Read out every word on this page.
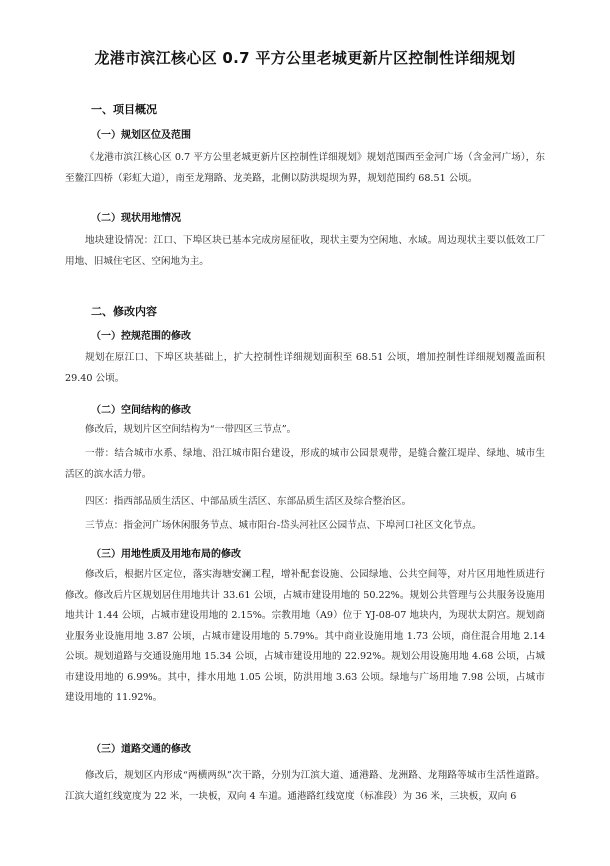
龙港市滨江核心区 0.7 平方公里老城更新片区控制性详细规划
一、项目概况
（一）规划区位及范围
《龙港市滨江核心区 0.7 平方公里老城更新片区控制性详细规划》规划范围西至金河广场（含金河广场），东至鳌江四桥（彩虹大道），南至龙翔路、龙美路，北侧以防洪堤坝为界，规划范围约 68.51 公顷。
（二）现状用地情况
地块建设情况：江口、下埠区块已基本完成房屋征收，现状主要为空闲地、水域。周边现状主要以低效工厂用地、旧城住宅区、空闲地为主。
二、修改内容
（一）控规范围的修改
规划在原江口、下埠区块基础上，扩大控制性详细规划面积至 68.51 公顷，增加控制性详细规划覆盖面积 29.40 公顷。
（二）空间结构的修改
修改后，规划片区空间结构为“一带四区三节点”。
一带：结合城市水系、绿地、沿江城市阳台建设，形成的城市公园景观带，是缝合鳌江堤岸、绿地、城市生活区的滨水活力带。
四区：指西部品质生活区、中部品质生活区、东部品质生活区及综合整治区。
三节点：指金河广场休闲服务节点、城市阳台-岱头河社区公园节点、下埠河口社区文化节点。
（三）用地性质及用地布局的修改
修改后，根据片区定位，落实海塘安澜工程，增补配套设施、公园绿地、公共空间等，对片区用地性质进行修改。修改后片区规划居住用地共计 33.61 公顷，占城市建设用地的 50.22%。规划公共管理与公共服务设施用地共计 1.44 公顷，占城市建设用地的 2.15%。宗教用地（A9）位于 YJ-08-07 地块内，为现状太阴宫。规划商业服务业设施用地 3.87 公顷，占城市建设用地的 5.79%。其中商业设施用地 1.73 公顷，商住混合用地 2.14 公顷。规划道路与交通设施用地 15.34 公顷，占城市建设用地的 22.92%。规划公用设施用地 4.68 公顷，占城市建设用地的 6.99%。其中，排水用地 1.05 公顷，防洪用地 3.63 公顷。绿地与广场用地 7.98 公顷，占城市建设用地的 11.92%。
（三）道路交通的修改
修改后，规划区内形成“两横两纵”次干路，分别为江滨大道、通港路、龙洲路、龙翔路等城市生活性道路。江滨大道红线宽度为 22 米，一块板，双向 4 车道。通港路红线宽度（标准段）为 36 米，三块板，双向 6
